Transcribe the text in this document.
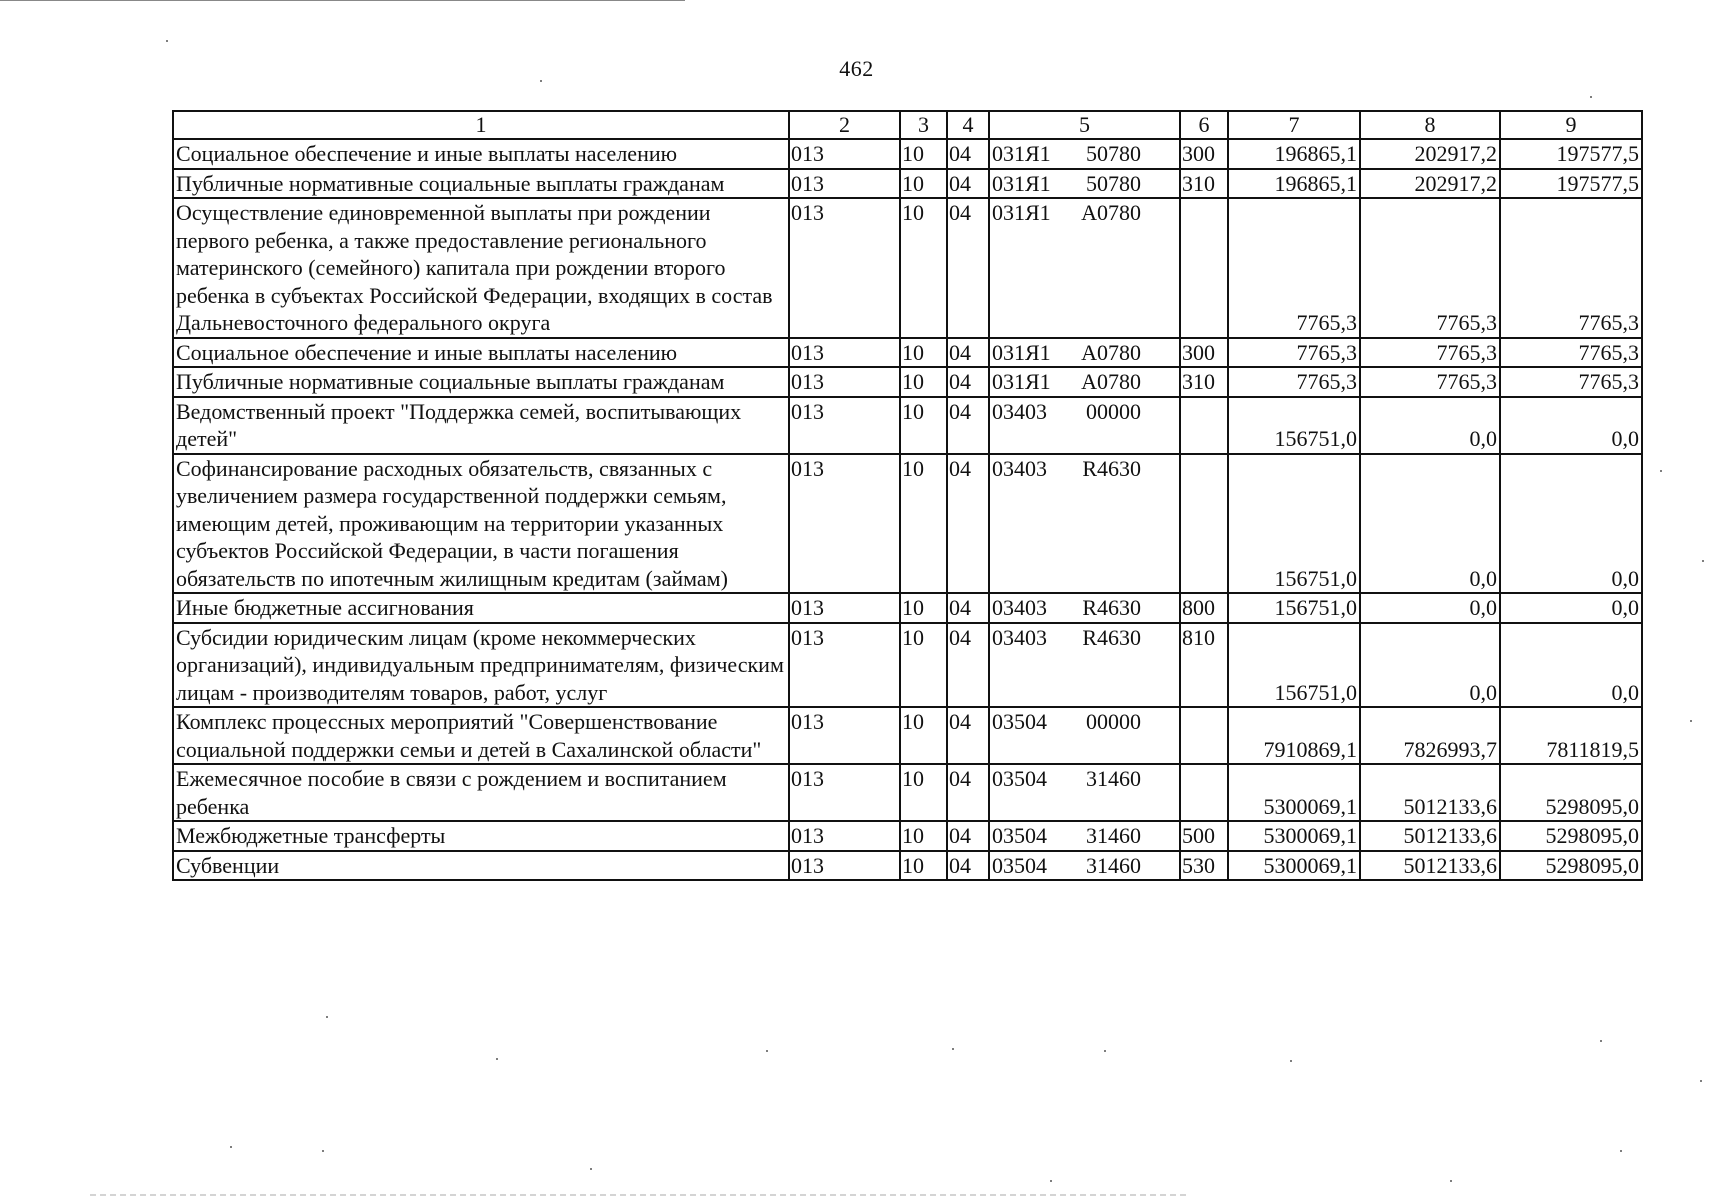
462
1	2	3	4	5	6	7	8	9
Социальное обеспечение и иные выплаты населению	013	10	04	031Я1 50780	300	196865,1	202917,2	197577,5
Публичные нормативные социальные выплаты гражданам	013	10	04	031Я1 50780	310	196865,1	202917,2	197577,5
Осуществление единовременной выплаты при рождении первого ребенка, а также предоставление регионального материнского (семейного) капитала при рождении второго ребенка в субъектах Российской Федерации, входящих в состав Дальневосточного федерального округа	013	10	04	031Я1 А0780		7765,3	7765,3	7765,3
Социальное обеспечение и иные выплаты населению	013	10	04	031Я1 А0780	300	7765,3	7765,3	7765,3
Публичные нормативные социальные выплаты гражданам	013	10	04	031Я1 А0780	310	7765,3	7765,3	7765,3
Ведомственный проект "Поддержка семей, воспитывающих детей"	013	10	04	03403 00000		156751,0	0,0	0,0
Софинансирование расходных обязательств, связанных с увеличением размера государственной поддержки семьям, имеющим детей, проживающим на территории указанных субъектов Российской Федерации, в части погашения обязательств по ипотечным жилищным кредитам (займам)	013	10	04	03403 R4630		156751,0	0,0	0,0
Иные бюджетные ассигнования	013	10	04	03403 R4630	800	156751,0	0,0	0,0
Субсидии юридическим лицам (кроме некоммерческих организаций), индивидуальным предпринимателям, физическим лицам - производителям товаров, работ, услуг	013	10	04	03403 R4630	810	156751,0	0,0	0,0
Комплекс процессных мероприятий "Совершенствование социальной поддержки семьи и детей в Сахалинской области"	013	10	04	03504 00000		7910869,1	7826993,7	7811819,5
Ежемесячное пособие в связи с рождением и воспитанием ребенка	013	10	04	03504 31460		5300069,1	5012133,6	5298095,0
Межбюджетные трансферты	013	10	04	03504 31460	500	5300069,1	5012133,6	5298095,0
Субвенции	013	10	04	03504 31460	530	5300069,1	5012133,6	5298095,0
